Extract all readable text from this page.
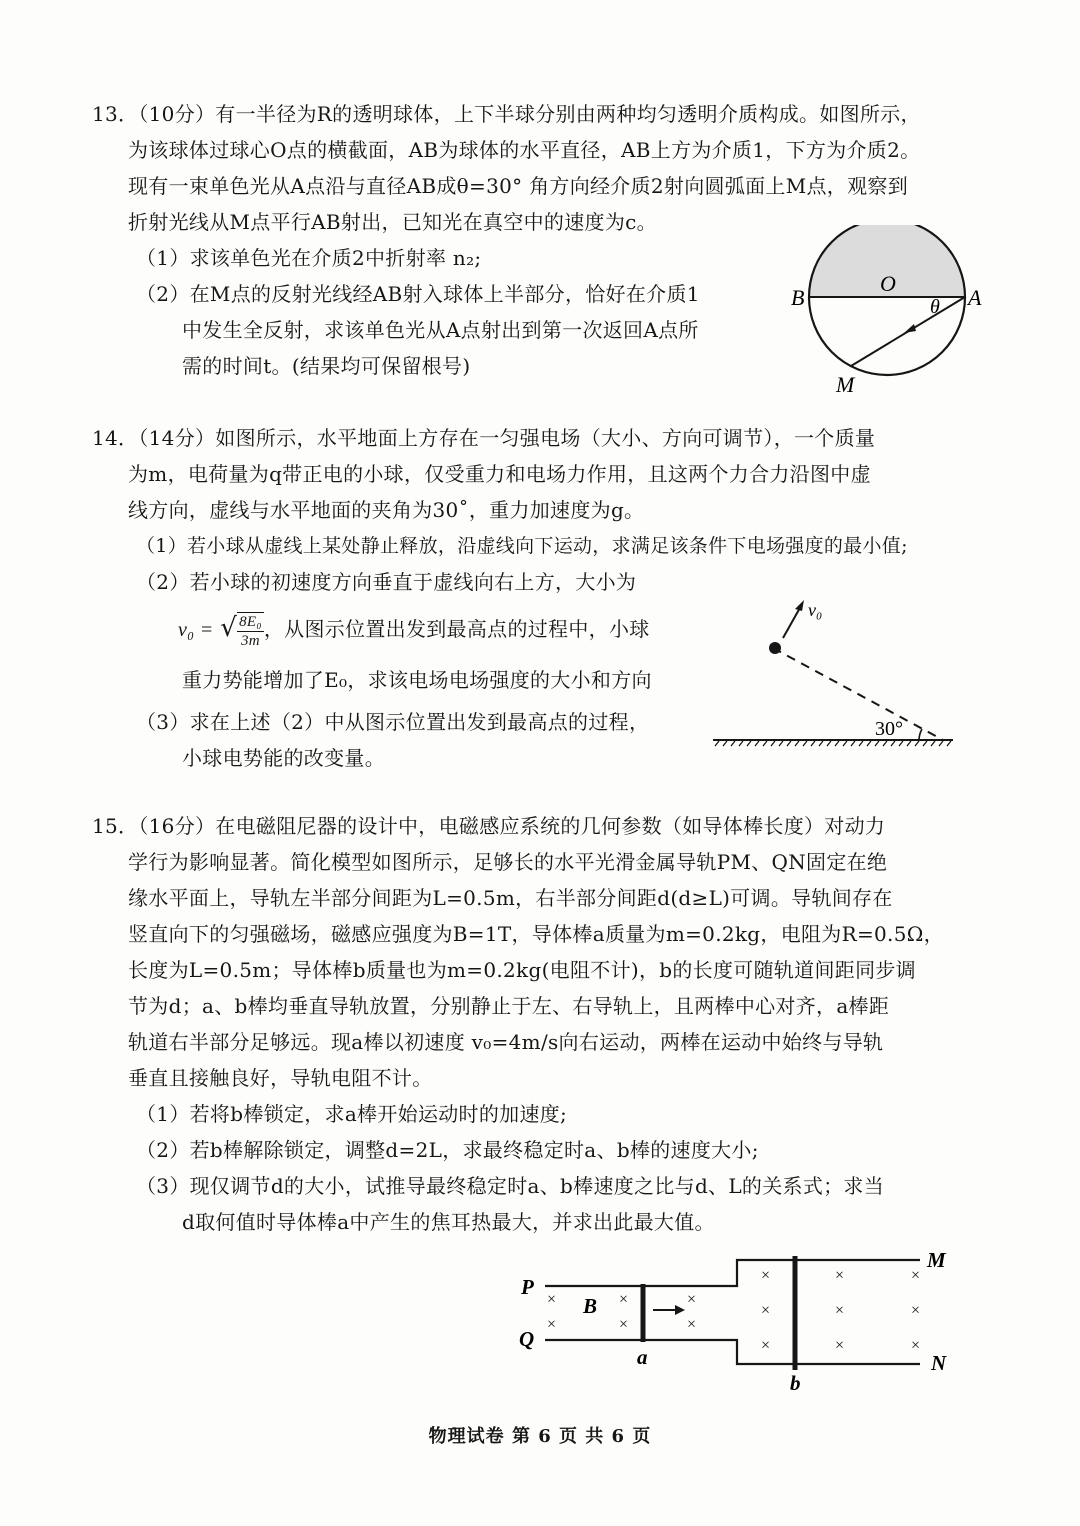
13．（10分）有一半径为R的透明球体，上下半球分别由两种均匀透明介质构成。如图所示，
为该球体过球心O点的横截面，AB为球体的水平直径，AB上方为介质1，下方为介质2。
现有一束单色光从A点沿与直径AB成θ=30° 角方向经介质2射向圆弧面上M点，观察到
折射光线从M点平行AB射出，已知光在真空中的速度为c。
（1）求该单色光在介质2中折射率 n₂;
（2）在M点的反射光线经AB射入球体上半部分，恰好在介质1
中发生全反射，求该单色光从A点射出到第一次返回A点所
需的时间t。(结果均可保留根号)
O
B	A
θ
M
14．（14分）如图所示，水平地面上方存在一匀强电场（大小、方向可调节），一个质量
为m，电荷量为q带正电的小球，仅受重力和电场力作用，且这两个力合力沿图中虚
线方向，虚线与水平地面的夹角为30˚，重力加速度为g。
（1）若小球从虚线上某处静止释放，沿虚线向下运动，求满足该条件下电场强度的最小值;
（2）若小球的初速度方向垂直于虚线向右上方，大小为
v₀ = √ $\frac{\text{8E₀}}{3m}$ ，从图示位置出发到最高点的过程中，小球
重力势能增加了E₀，求该电场电场强度的大小和方向
（3）求在上述（2）中从图示位置出发到最高点的过程，
小球电势能的改变量。
v₀
30°
15．（16分）在电磁阻尼器的设计中，电磁感应系统的几何参数（如导体棒长度）对动力
学行为影响显著。简化模型如图所示，足够长的水平光滑金属导轨PM、QN固定在绝
缘水平面上，导轨左半部分间距为L=0.5m，右半部分间距d(d≥L)可调。导轨间存在
竖直向下的匀强磁场，磁感应强度为B=1T，导体棒a质量为m=0.2kg，电阻为R=0.5Ω，
长度为L=0.5m；导体棒b质量也为m=0.2kg(电阻不计)，b的长度可随轨道间距同步调
节为d；a、b棒均垂直导轨放置，分别静止于左、右导轨上，且两棒中心对齐，a棒距
轨道右半部分足够远。现a棒以初速度 v₀=4m/s向右运动，两棒在运动中始终与导轨
垂直且接触良好，导轨电阻不计。
（1）若将b棒锁定，求a棒开始运动时的加速度;
（2）若b棒解除锁定，调整d=2L，求最终稳定时a、b棒的速度大小;
（3）现仅调节d的大小，试推导最终稳定时a、b棒速度之比与d、L的关系式；求当
d取何值时导体棒a中产生的焦耳热最大，并求出此最大值。
×
×
×
×
×
×
×
×
×
×
×
×
×
×
×
B
P
Q
M
N
a
b
物理试卷 第 6 页 共 6 页
